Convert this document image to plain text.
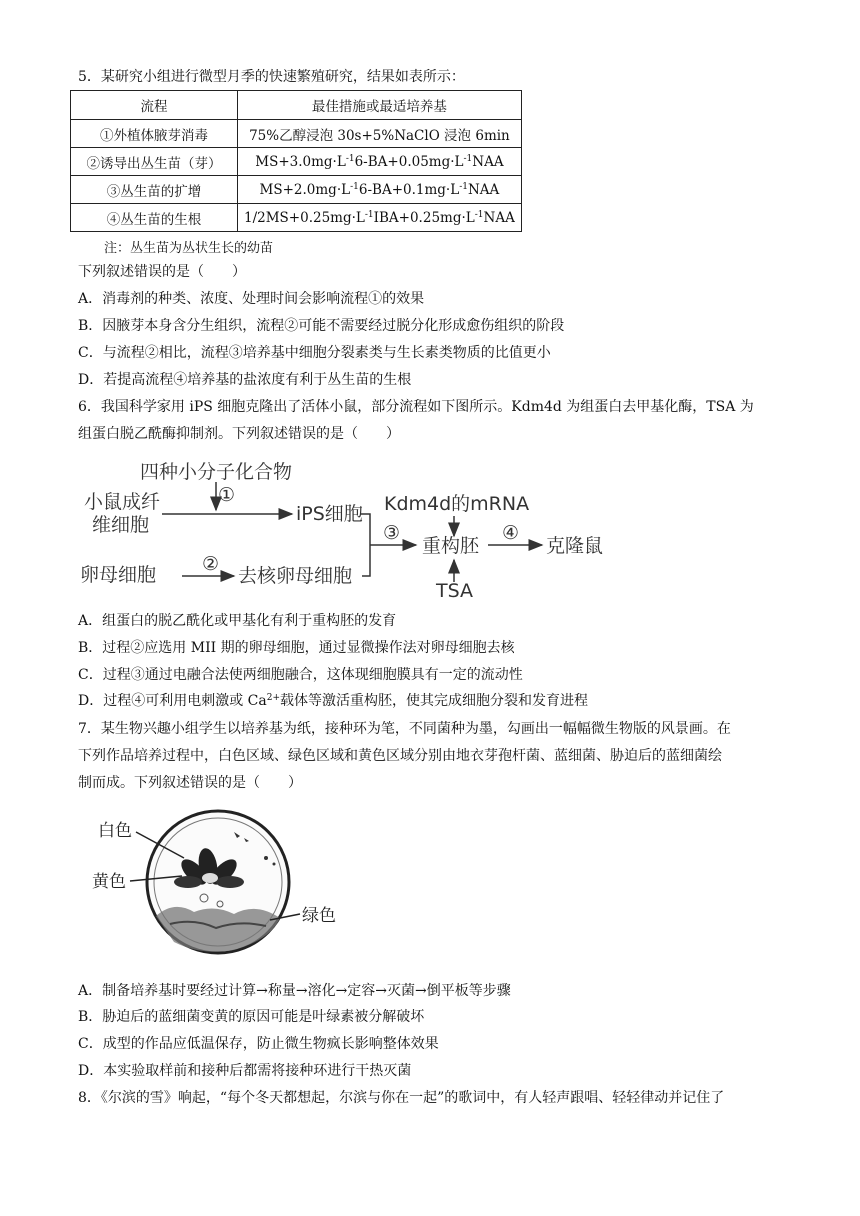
5．某研究小组进行微型月季的快速繁殖研究，结果如表所示：
流程	最佳措施或最适培养基
①外植体腋芽消毒	75%乙醇浸泡 30s+5%NaClO 浸泡 6min
②诱导出丛生苗（芽）	$MS+3.0mg\cdot L^{-1}6-BA+0.05mg\cdot L^{-1}NAA$
③丛生苗的扩增	$MS+2.0mg\cdot L^{-1}6-BA+0.1mg\cdot L^{-1}NAA$
④丛生苗的生根	$1/2MS+0.25mg\cdot L^{-1}IBA+0.25mg\cdot L^{-1}NAA$
注：丛生苗为丛状生长的幼苗
下列叙述错误的是（　　）
A．消毒剂的种类、浓度、处理时间会影响流程①的效果
B．因腋芽本身含分生组织，流程②可能不需要经过脱分化形成愈伤组织的阶段
C．与流程②相比，流程③培养基中细胞分裂素类与生长素类物质的比值更小
D．若提高流程④培养基的盐浓度有利于丛生苗的生根
6．我国科学家用 iPS 细胞克隆出了活体小鼠，部分流程如下图所示。Kdm4d 为组蛋白去甲基化酶，TSA 为
组蛋白脱乙酰酶抑制剂。下列叙述错误的是（　　）
四种小分子化合物
①
小鼠成纤
维细胞	iPS细胞 Kdm4d的mRNA
卵母细胞 ②
去核卵母细胞
③
重构胚
TSA
④
克隆鼠
A．组蛋白的脱乙酰化或甲基化有利于重构胚的发育
B．过程②应选用 MII 期的卵母细胞，通过显微操作法对卵母细胞去核
C．过程③通过电融合法使两细胞融合，这体现细胞膜具有一定的流动性
D．过程④可利用电刺激或 $Ca^{2+}$载体等激活重构胚，使其完成细胞分裂和发育进程
7．某生物兴趣小组学生以培养基为纸，接种环为笔，不同菌种为墨，勾画出一幅幅微生物版的风景画。在
下列作品培养过程中，白色区域、绿色区域和黄色区域分别由地衣芽孢杆菌、蓝细菌、胁迫后的蓝细菌绘
制而成。下列叙述错误的是（　　）
白色
黄色
绿色
A．制备培养基时要经过计算→称量→溶化→定容→灭菌→倒平板等步骤
B．胁迫后的蓝细菌变黄的原因可能是叶绿素被分解破坏
C．成型的作品应低温保存，防止微生物疯长影响整体效果
D．本实验取样前和接种后都需将接种环进行干热灭菌
8．《尔滨的雪》响起，“每个冬天都想起，尔滨与你在一起”的歌词中，有人轻声跟唱、轻轻律动并记住了
